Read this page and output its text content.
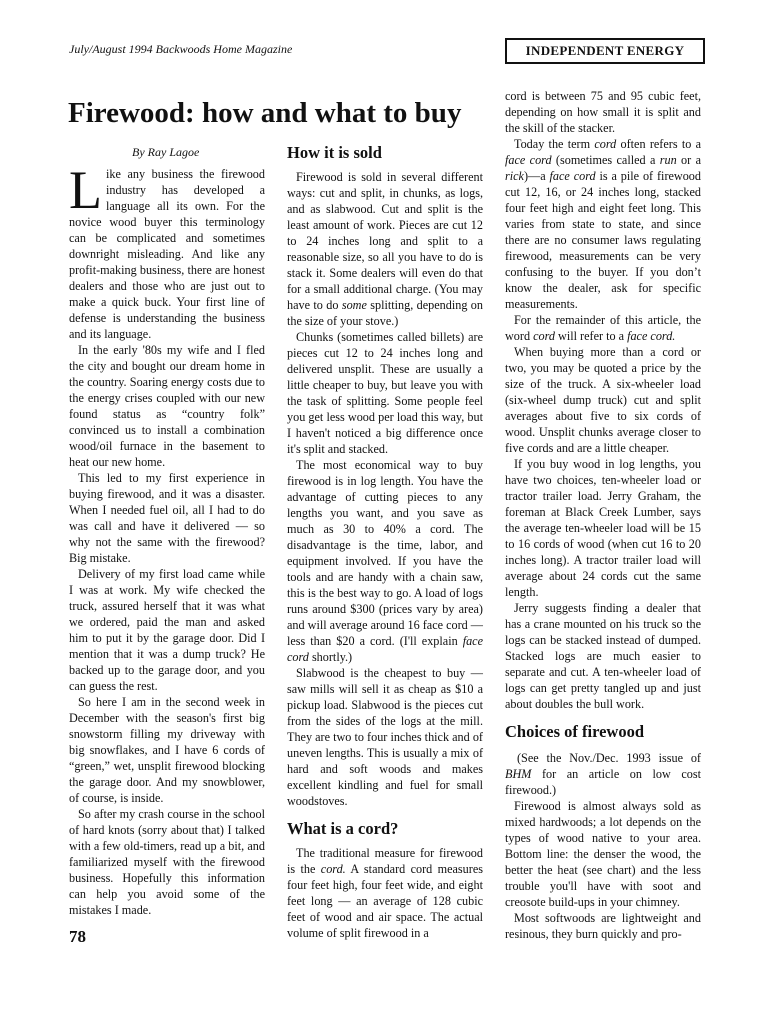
July/August 1994 Backwoods Home Magazine	INDEPENDENT ENERGY
Firewood: how and what to buy
By Ray Lagoe

Like any business the firewood industry has developed a language all its own. For the novice wood buyer this terminology can be complicated and sometimes downright misleading. And like any profit-making business, there are honest dealers and those who are just out to make a quick buck. Your first line of defense is understanding the business and its language.

In the early '80s my wife and I fled the city and bought our dream home in the country. Soaring energy costs due to the energy crises coupled with our new found status as “country folk” convinced us to install a combination wood/oil furnace in the basement to heat our new home.

This led to my first experience in buying firewood, and it was a disaster. When I needed fuel oil, all I had to do was call and have it delivered — so why not the same with the firewood? Big mistake.

Delivery of my first load came while I was at work. My wife checked the truck, assured herself that it was what we ordered, paid the man and asked him to put it by the garage door. Did I mention that it was a dump truck? He backed up to the garage door, and you can guess the rest.

So here I am in the second week in December with the season's first big snowstorm filling my driveway with big snowflakes, and I have 6 cords of “green,” wet, unsplit firewood blocking the garage door. And my snowblower, of course, is inside.

So after my crash course in the school of hard knots (sorry about that) I talked with a few old-timers, read up a bit, and familiarized myself with the firewood business. Hopefully this information can help you avoid some of the mistakes I made.

How it is sold

Firewood is sold in several different ways: cut and split, in chunks, as logs, and as slabwood. Cut and split is the least amount of work. Pieces are cut 12 to 24 inches long and split to a reasonable size, so all you have to do is stack it. Some dealers will even do that for a small additional charge. (You may have to do some splitting, depending on the size of your stove.)

Chunks (sometimes called billets) are pieces cut 12 to 24 inches long and delivered unsplit. These are usually a little cheaper to buy, but leave you with the task of splitting. Some people feel you get less wood per load this way, but I haven't noticed a big difference once it's split and stacked.

The most economical way to buy firewood is in log length. You have the advantage of cutting pieces to any lengths you want, and you save as much as 30 to 40% a cord. The disadvantage is the time, labor, and equipment involved. If you have the tools and are handy with a chain saw, this is the best way to go. A load of logs runs around $300 (prices vary by area) and will average around 16 face cord — less than $20 a cord. (I'll explain face cord shortly.)

Slabwood is the cheapest to buy — saw mills will sell it as cheap as $10 a pickup load. Slabwood is the pieces cut from the sides of the logs at the mill. They are two to four inches thick and of uneven lengths. This is usually a mix of hard and soft woods and makes excellent kindling and fuel for small woodstoves.

What is a cord?

The traditional measure for firewood is the cord. A standard cord measures four feet high, four feet wide, and eight feet long — an average of 128 cubic feet of wood and air space. The actual volume of split firewood in a

cord is between 75 and 95 cubic feet, depending on how small it is split and the skill of the stacker.

Today the term cord often refers to a face cord (sometimes called a run or a rick)—a face cord is a pile of firewood cut 12, 16, or 24 inches long, stacked four feet high and eight feet long. This varies from state to state, and since there are no consumer laws regulating firewood, measurements can be very confusing to the buyer. If you don’t know the dealer, ask for specific measurements.

For the remainder of this article, the word cord will refer to a face cord.

When buying more than a cord or two, you may be quoted a price by the size of the truck. A six-wheeler load (six-wheel dump truck) cut and split averages about five to six cords of wood. Unsplit chunks average closer to five cords and are a little cheaper.

If you buy wood in log lengths, you have two choices, ten-wheeler load or tractor trailer load. Jerry Graham, the foreman at Black Creek Lumber, says the average ten-wheeler load will be 15 to 16 cords of wood (when cut 16 to 20 inches long). A tractor trailer load will average about 24 cords cut the same length.

Jerry suggests finding a dealer that has a crane mounted on his truck so the logs can be stacked instead of dumped. Stacked logs are much easier to separate and cut. A ten-wheeler load of logs can get pretty tangled up and just about doubles the bull work.

Choices of firewood

(See the Nov./Dec. 1993 issue of BHM for an article on low cost firewood.)

Firewood is almost always sold as mixed hardwoods; a lot depends on the types of wood native to your area. Bottom line: the denser the wood, the better the heat (see chart) and the less trouble you'll have with soot and creosote build-ups in your chimney.

Most softwoods are lightweight and resinous, they burn quickly and pro-

78
